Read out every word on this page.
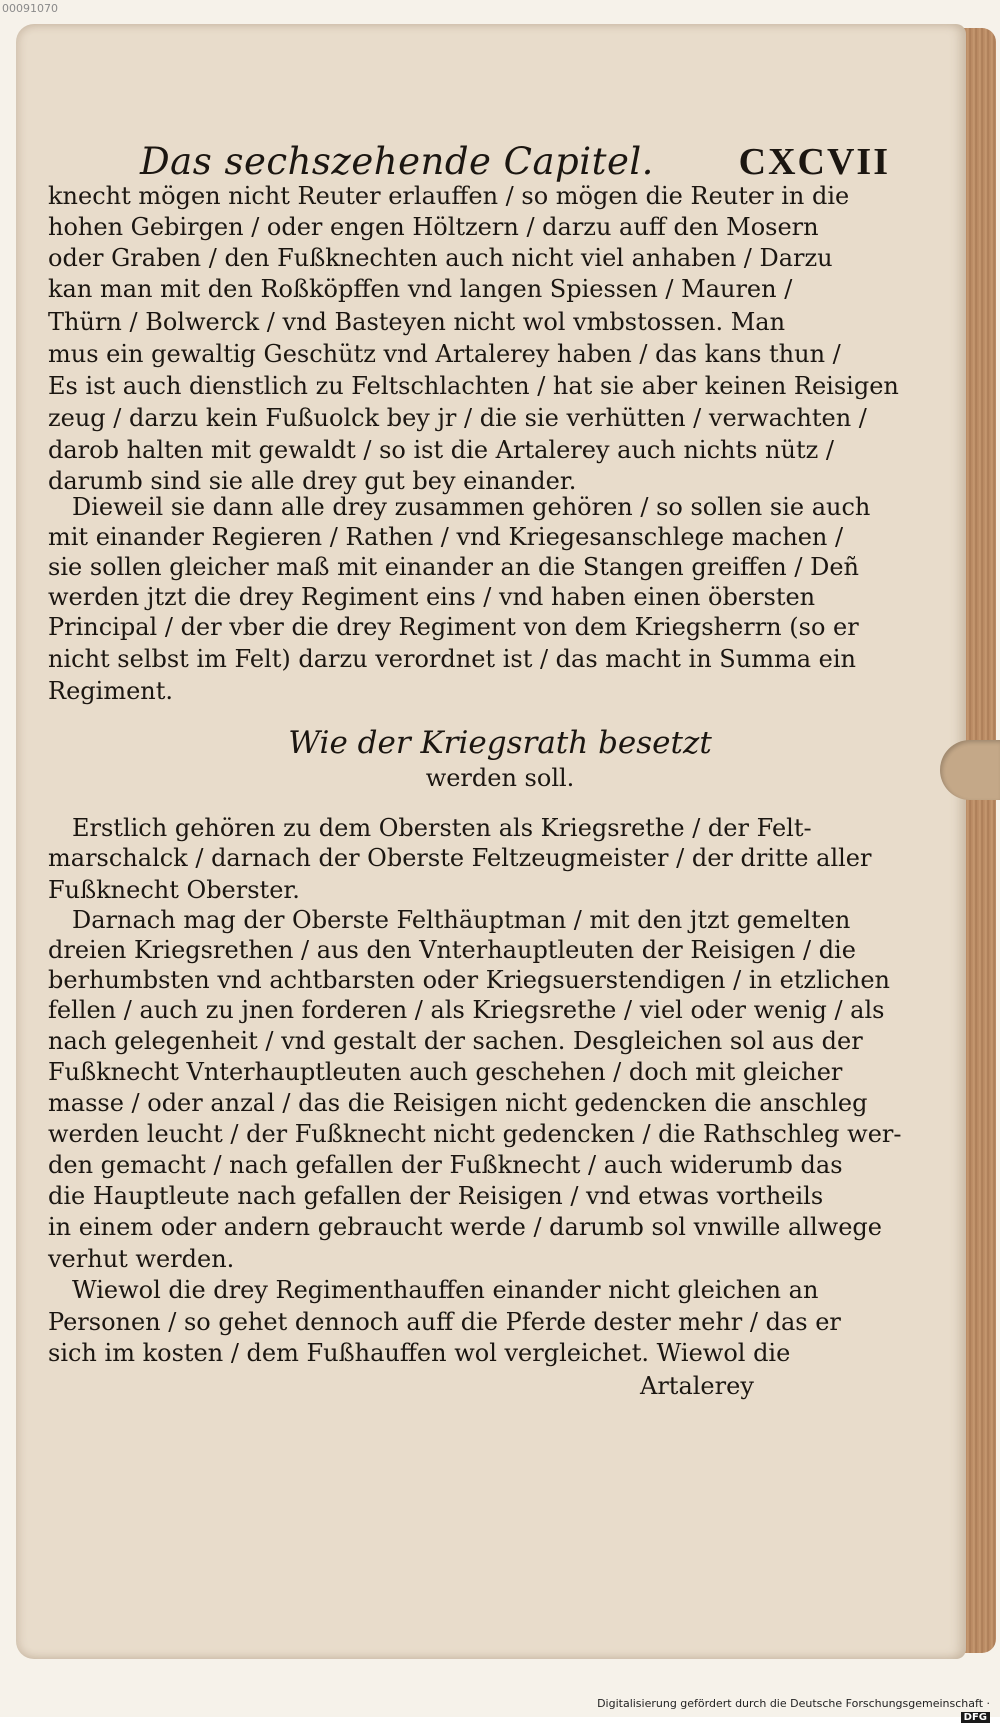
00091070
Das sechszehende Capitel.	CXCVII
knecht mögen nicht Reuter erlauffen / so mögen die Reuter in die
hohen Gebirgen / oder engen Höltzern / darzu auff den Mosern
oder Graben / den Fußknechten auch nicht viel anhaben / Darzu
kan man mit den Roßköpffen vnd langen Spiessen / Mauren /
Thürn / Bolwerck / vnd Basteyen nicht wol vmbstossen. Man
mus ein gewaltig Geschütz vnd Artalerey haben / das kans thun /
Es ist auch dienstlich zu Feltschlachten / hat sie aber keinen Reisigen
zeug / darzu kein Fußuolck bey jr / die sie verhütten / verwachten /
darob halten mit gewaldt / so ist die Artalerey auch nichts nütz /
darumb sind sie alle drey gut bey einander.
Dieweil sie dann alle drey zusammen gehören / so sollen sie auch
mit einander Regieren / Rathen / vnd Kriegesanschlege machen /
sie sollen gleicher maß mit einander an die Stangen greiffen / Deñ
werden jtzt die drey Regiment eins / vnd haben einen öbersten
Principal / der vber die drey Regiment von dem Kriegsherrn (so er
nicht selbst im Felt) darzu verordnet ist / das macht in Summa ein
Regiment.
Wie der Kriegsrath besetzt
werden soll.
Erstlich gehören zu dem Obersten als Kriegsrethe / der Felt-
marschalck / darnach der Oberste Feltzeugmeister / der dritte aller
Fußknecht Oberster.
Darnach mag der Oberste Felthäuptman / mit den jtzt gemelten
dreien Kriegsrethen / aus den Vnterhauptleuten der Reisigen / die
berhumbsten vnd achtbarsten oder Kriegsuerstendigen / in etzlichen
fellen / auch zu jnen forderen / als Kriegsrethe / viel oder wenig / als
nach gelegenheit / vnd gestalt der sachen. Desgleichen sol aus der
Fußknecht Vnterhauptleuten auch geschehen / doch mit gleicher
masse / oder anzal / das die Reisigen nicht gedencken die anschleg
werden leucht / der Fußknecht nicht gedencken / die Rathschleg wer-
den gemacht / nach gefallen der Fußknecht / auch widerumb das
die Hauptleute nach gefallen der Reisigen / vnd etwas vortheils
in einem oder andern gebraucht werde / darumb sol vnwille allwege
verhut werden.
Wiewol die drey Regimenthauffen einander nicht gleichen an
Personen / so gehet dennoch auff die Pferde dester mehr / das er
sich im kosten / dem Fußhauffen wol vergleichet. Wiewol die
Artalerey
Digitalisierung gefördert durch die Deutsche Forschungsgemeinschaft ·DFG
